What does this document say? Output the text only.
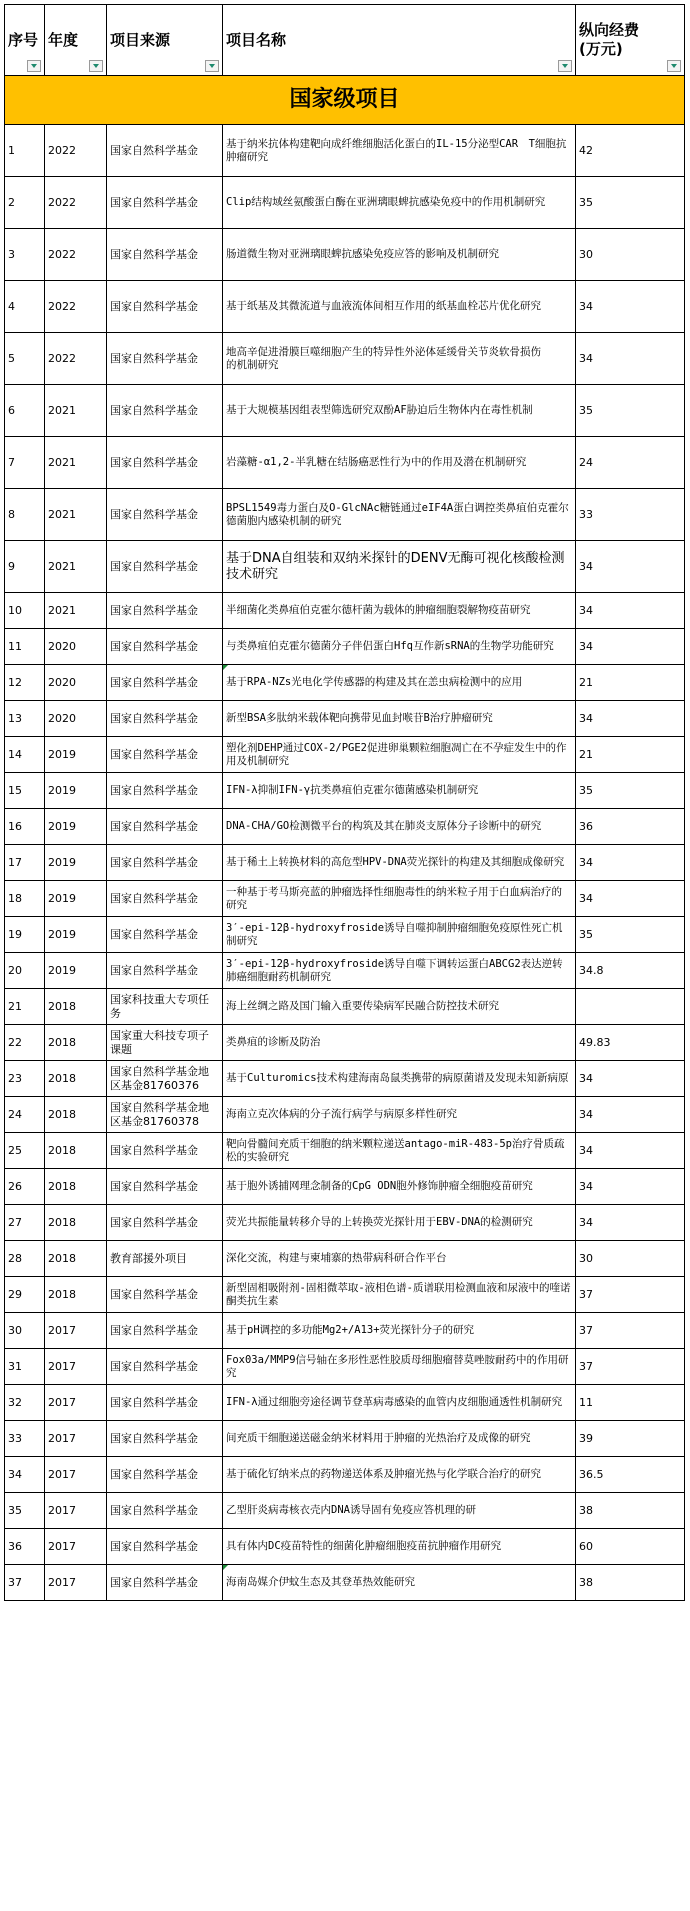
序号	年度	项目来源	项目名称	纵向经费
(万元)

国家级项目				
1	2022	国家自然科学基金	基于纳米抗体构建靶向成纤维细胞活化蛋白的IL-15分泌型CAR　T细胞抗 肿瘤研究	42
2	2022	国家自然科学基金	Clip结构域丝氨酸蛋白酶在亚洲璃眼蜱抗感染免疫中的作用机制研究	35
3	2022	国家自然科学基金	肠道微生物对亚洲璃眼蜱抗感染免疫应答的影响及机制研究	30
4	2022	国家自然科学基金	基于纸基及其微流道与血液流体间相互作用的纸基血栓芯片优化研究	34
5	2022	国家自然科学基金	地高辛促进滑膜巨噬细胞产生的特异性外泌体延缓骨关节炎软骨损伤
的机制研究	34
6	2021	国家自然科学基金	基于大规模基因组表型筛选研究双酚AF胁迫后生物体内在毒性机制	35
7	2021	国家自然科学基金	岩藻糖-α1,2-半乳糖在结肠癌恶性行为中的作用及潜在机制研究	24
8	2021	国家自然科学基金	BPSL1549毒力蛋白及O-GlcNAc糖链通过eIF4A蛋白调控类鼻疽伯克霍尔德菌胞内感染机制的研究	33
9	2021	国家自然科学基金	基于DNA自组装和双纳米探针的DENV无酶可视化核酸检测技术研究	34
10	2021	国家自然科学基金	半细菌化类鼻疽伯克霍尔德杆菌为载体的肿瘤细胞裂解物疫苗研究	34
11	2020	国家自然科学基金	与类鼻疽伯克霍尔德菌分子伴侣蛋白Hfq互作新sRNA的生物学功能研究	34
12	2020	国家自然科学基金	基于RPA-NZs光电化学传感器的构建及其在恙虫病检测中的应用	21
13	2020	国家自然科学基金	新型BSA多肽纳米载体靶向携带见血封喉苷B治疗肿瘤研究	34
14	2019	国家自然科学基金	塑化剂DEHP通过COX-2/PGE2促进卵巢颗粒细胞凋亡在不孕症发生中的作用及机制研究	21
15	2019	国家自然科学基金	IFN-λ抑制IFN-γ抗类鼻疽伯克霍尔德菌感染机制研究	35
16	2019	国家自然科学基金	DNA-CHA/GO检测微平台的构筑及其在肺炎支原体分子诊断中的研究	36
17	2019	国家自然科学基金	基于稀土上转换材料的高危型HPV-DNA荧光探针的构建及其细胞成像研究	34
18	2019	国家自然科学基金	一种基于考马斯亮蓝的肿瘤选择性细胞毒性的纳米粒子用于白血病治疗的研究	34
19	2019	国家自然科学基金	3′-epi-12β-hydroxyfroside诱导自噬抑制肿瘤细胞免疫原性死亡机制研究	35
20	2019	国家自然科学基金	3′-epi-12β-hydroxyfroside诱导自噬下调转运蛋白ABCG2表达逆转肺癌细胞耐药机制研究	34.8
21	2018	国家科技重大专项任务	海上丝绸之路及国门输入重要传染病军民融合防控技术研究	
22	2018	国家重大科技专项子课题	类鼻疽的诊断及防治	49.83
23	2018	国家自然科学基金地区基金81760376	基于Culturomics技术构建海南岛鼠类携带的病原菌谱及发现未知新病原	34
24	2018	国家自然科学基金地区基金81760378	海南立克次体病的分子流行病学与病原多样性研究	34
25	2018	国家自然科学基金	靶向骨髓间充质干细胞的纳米颗粒递送antago-miR-483-5p治疗骨质疏松的实验研究	34
26	2018	国家自然科学基金	基于胞外诱捕网理念制备的CpG ODN胞外修饰肿瘤全细胞疫苗研究	34
27	2018	国家自然科学基金	荧光共振能量转移介导的上转换荧光探针用于EBV-DNA的检测研究	34
28	2018	教育部援外项目	深化交流，构建与柬埔寨的热带病科研合作平台	30
29	2018	国家自然科学基金	新型固相吸附剂-固相微萃取-液相色谱-质谱联用检测血液和尿液中的喹诺酮类抗生素	37
30	2017	国家自然科学基金	基于pH调控的多功能Mg2+/A13+荧光探针分子的研究	37
31	2017	国家自然科学基金	Fox03a/MMP9信号轴在多形性恶性胶质母细胞瘤替莫唑胺耐药中的作用研究	37
32	2017	国家自然科学基金	IFN-λ通过细胞旁途径调节登革病毒感染的血管内皮细胞通透性机制研究	11
33	2017	国家自然科学基金	间充质干细胞递送磁金纳米材料用于肿瘤的光热治疗及成像的研究	39
34	2017	国家自然科学基金	基于硫化钌纳米点的药物递送体系及肿瘤光热与化学联合治疗的研究	36.5
35	2017	国家自然科学基金	乙型肝炎病毒核衣壳内DNA诱导固有免疫应答机理的研	38
36	2017	国家自然科学基金	具有体内DC疫苗特性的细菌化肿瘤细胞疫苗抗肿瘤作用研究	60
37	2017	国家自然科学基金	海南岛媒介伊蚊生态及其登革热效能研究	38
